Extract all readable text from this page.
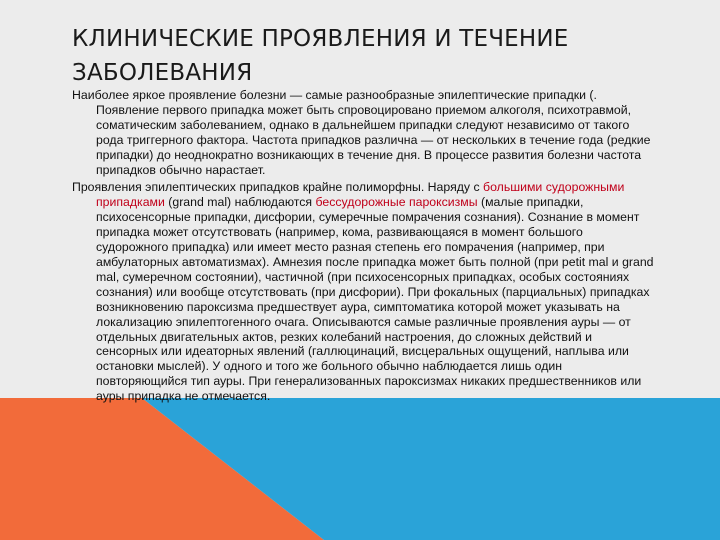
КЛИНИЧЕСКИЕ ПРОЯВЛЕНИЯ И ТЕЧЕНИЕ ЗАБОЛЕВАНИЯ

Наиболее яркое проявление болезни — самые разнообразные эпилептические припадки (. Появление первого припадка может быть спровоцировано приемом алкоголя, психотравмой, соматическим заболеванием, однако в дальнейшем припадки следуют независимо от такого рода триггерного фактора. Частота припадков различна — от нескольких в течение года (редкие припадки) до неоднократно возникающих в течение дня. В процессе развития болезни частота припадков обычно нарастает.

Проявления эпилептических припадков крайне полиморфны. Наряду с большими судорожными припадками (grand mal) наблюдаются бессудорожные пароксизмы (малые припадки, психосенсорные припадки, дисфории, сумеречные помрачения сознания). Сознание в момент припадка может отсутствовать (например, кома, развивающаяся в момент большого судорожного припадка) или имеет место разная степень его помрачения (например, при амбулаторных автоматизмах). Амнезия после припадка может быть полной (при petit mal и grand mal, сумеречном состоянии), частичной (при психосенсорных припадках, особых состояниях сознания) или вообще отсутствовать (при дисфории). При фокальных (парциальных) припадках возникновению пароксизма предшествует аура, симптоматика которой может указывать на локализацию эпилептогенного очага. Описываются самые различные проявления ауры — от отдельных двигательных актов, резких колебаний настроения, до сложных действий и сенсорных или идеаторных явлений (галлюцинаций, висцеральных ощущений, наплыва или остановки мыслей). У одного и того же больного обычно наблюдается лишь один повторяющийся тип ауры. При генерализованных пароксизмах никаких предшественников или ауры припадка не отмечается.
